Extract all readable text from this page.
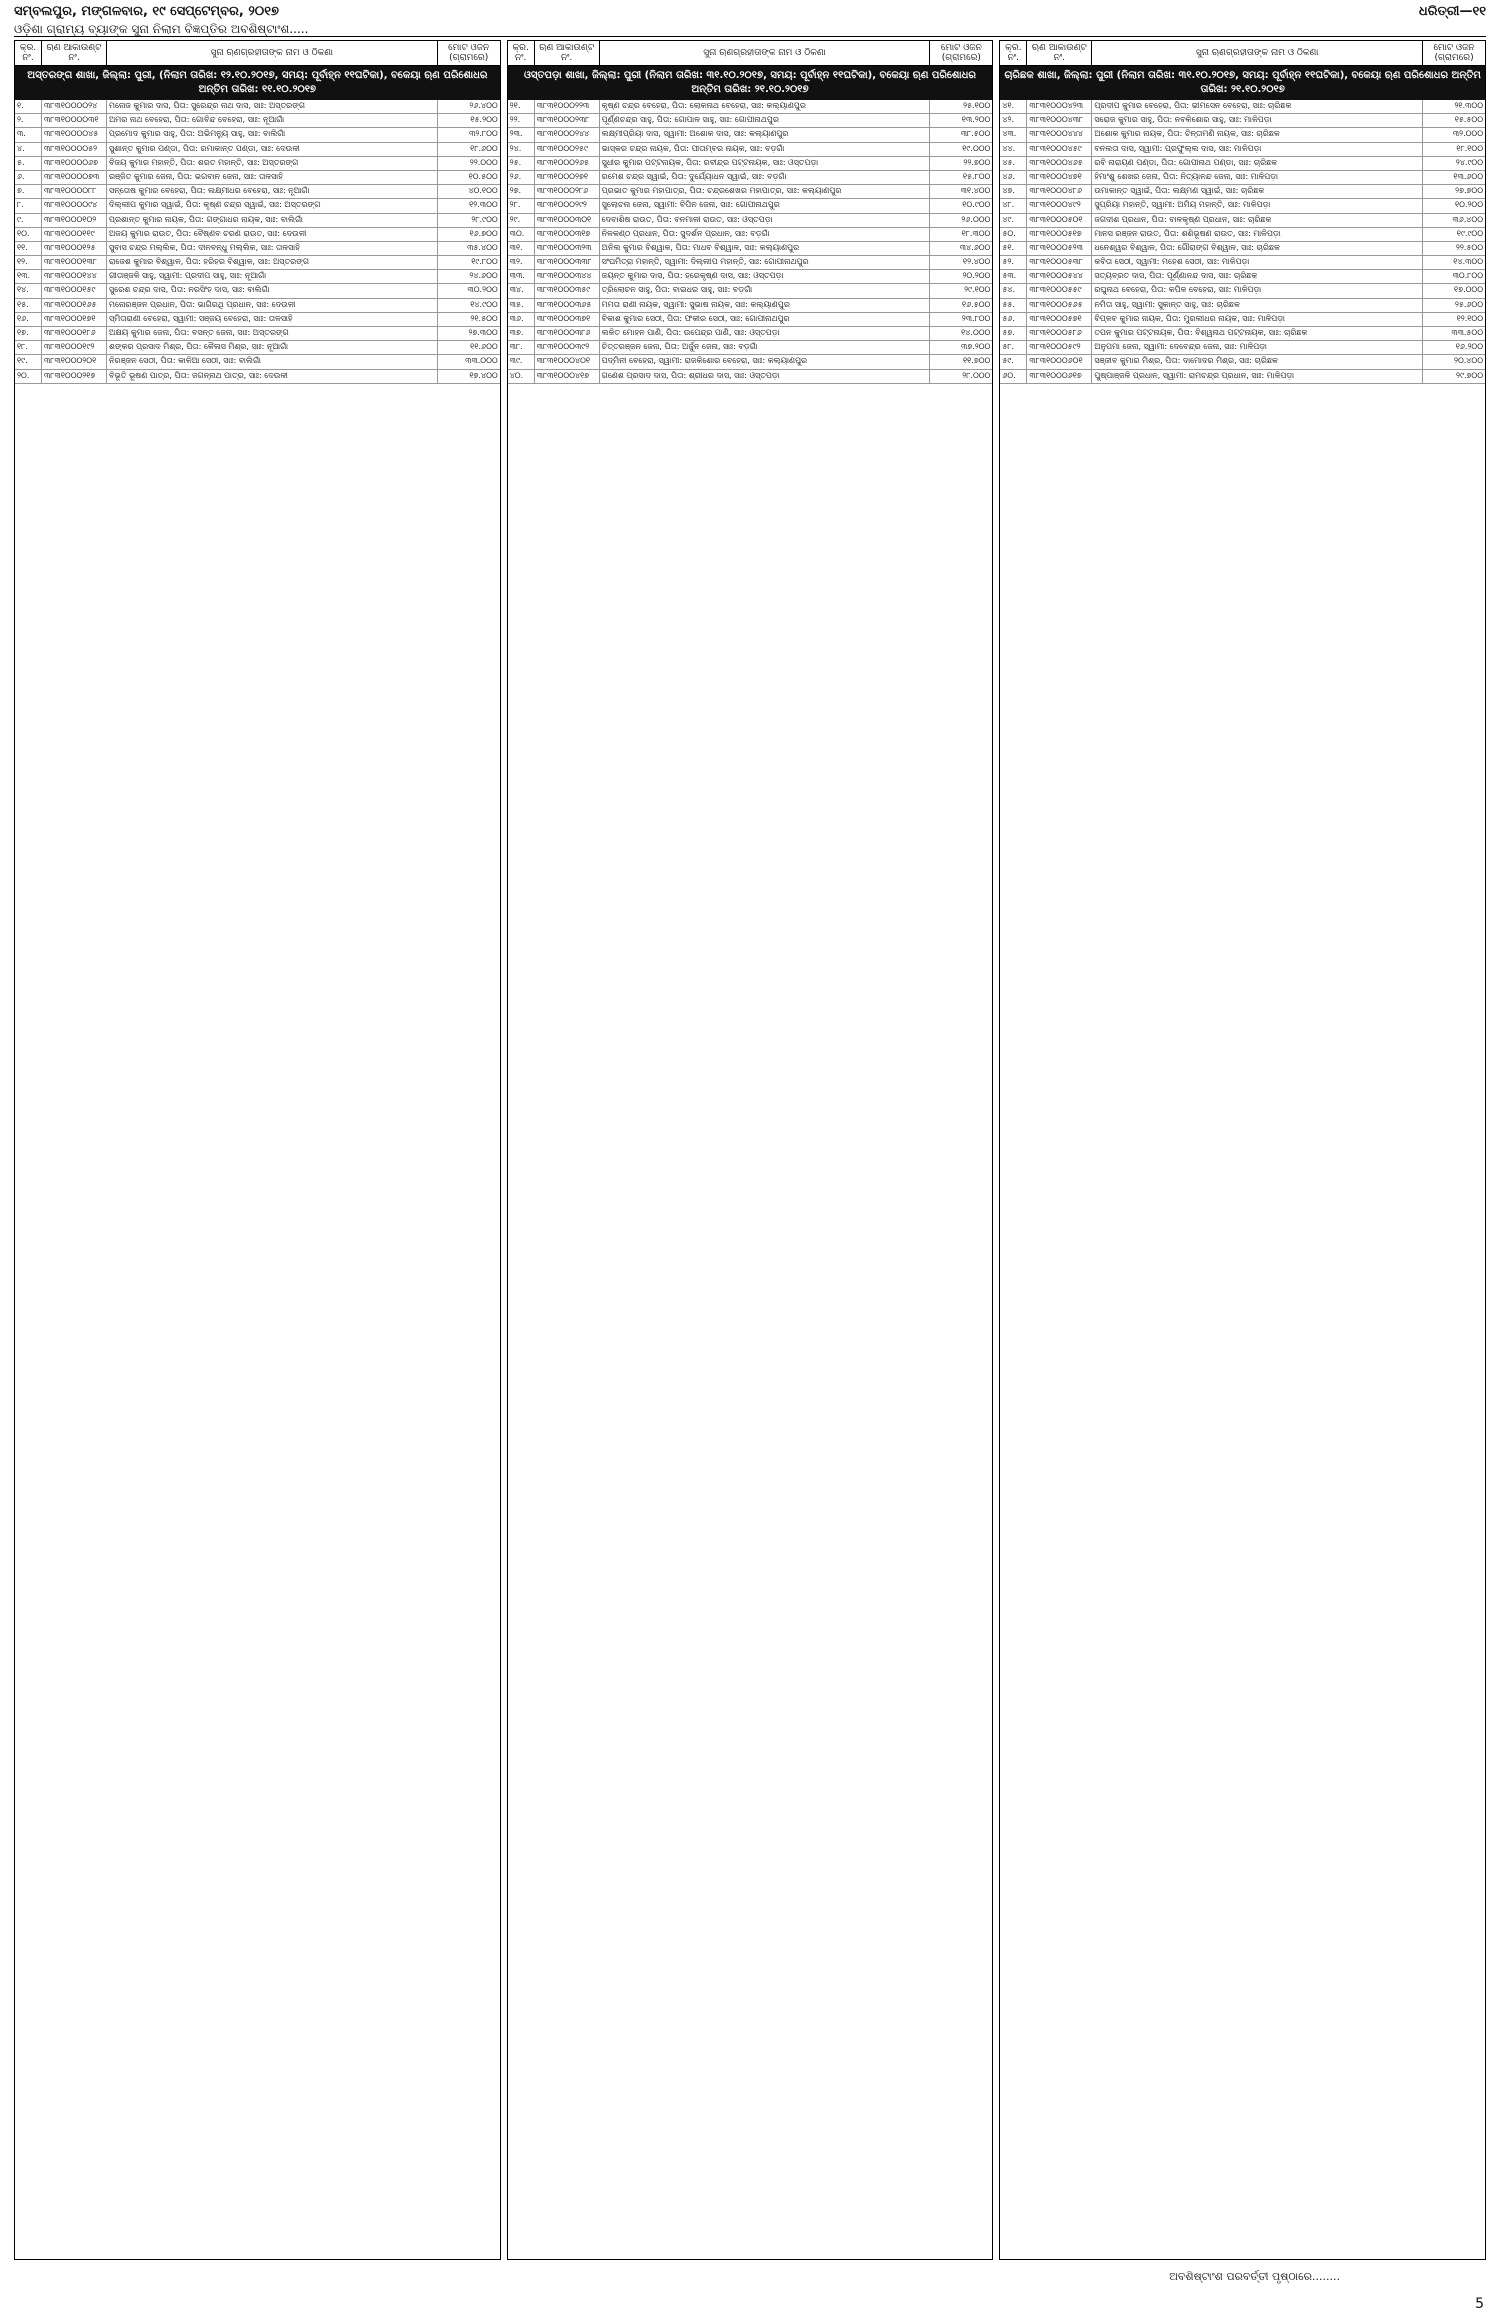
ସମ୍ବଲପୁର, ମଙ୍ଗଳବାର, ୧୯ ସେପ୍ଟେମ୍ବର, ୨୦୧୭	ଧରିତ୍ରୀ—୧୧
ଓଡ଼ିଶା ଗ୍ରାମ୍ୟ ବ୍ୟାଙ୍କ ସୁନା ନିଲାମ ବିଜ୍ଞପ୍ତିର ଅବଶିଷ୍ଟାଂଶ.....
କ୍ର. ନଂ.
ଋଣ ଆକାଉଣ୍ଟ ନଂ.	ସୁନା ଋଣଗ୍ରହୀତାଙ୍କ ନାମ ଓ ଠିକଣା	ମୋଟ ଓଜନ (ଗ୍ରାମରେ)
ଅସ୍ତରଙ୍ଗ ଶାଖା, ଜିଲ୍ଲା: ପୁରୀ, (ନିଲାମ ତାରିଖ: ୧୨.୧୦.୨୦୧୭, ସମୟ: ପୂର୍ବାହ୍ନ ୧୧ଘଟିକା), ବକେୟା ଋଣ ପରିଶୋଧର ଅନ୍ତିମ ତାରିଖ: ୧୧.୧୦.୨୦୧୭
୧.	୩୮୩୧୦୦୦୦୨୪	ମନୋଜ କୁମାର ଦାସ, ପିତା: ସୁରେନ୍ଦ୍ର ନାଥ ଦାସ, ସାଃ: ଅସ୍ତରଙ୍ଗ	୨୬.୪୦୦
୨.	୩୮୩୧୦୦୦୦୩୧	ଅମର ନାଥ ବେହେରା, ପିତା: ଗୋବିନ୍ଦ ବେହେରା, ସାଃ: ନୂଆଗାଁ	୧୫.୨୦୦
୩.	୩୮୩୧୦୦୦୦୪୫	ପ୍ରମୋଦ କୁମାର ସାହୁ, ପିତା: ଅଭିମନ୍ୟୁ ସାହୁ, ସାଃ: ବାଲିଗାଁ	୩୨.୮୦୦
୪.	୩୮୩୧୦୦୦୦୫୨	ସୁଶାନ୍ତ କୁମାର ପଣ୍ଡା, ପିତା: ରମାକାନ୍ତ ପଣ୍ଡା, ସାଃ: ଦେଉଳୀ	୧୮.୬୦୦
୫.	୩୮୩୧୦୦୦୦୬୭	ବିଜୟ କୁମାର ମହାନ୍ତି, ପିତା: ଶରତ ମହାନ୍ତି, ସାଃ: ଅସ୍ତରଙ୍ଗ	୨୨.୦୦୦
୬.	୩୮୩୧୦୦୦୦୭୩	ରଞ୍ଜିତ କୁମାର ଜେନା, ପିତା: ଭଗବାନ ଜେନା, ସାଃ: ତାଳସାହି	୧୦.୫୦୦
୭.	୩୮୩୧୦୦୦୦୮୮	ସନ୍ତୋଷ କୁମାର ବେହେରା, ପିତା: ଲକ୍ଷ୍ମୀଧର ବେହେରା, ସାଃ: ନୂଆଗାଁ	୪୦.୧୦୦
୮.	୩୮୩୧୦୦୦୦୯୪	ଦିଲ୍ଲୀପ କୁମାର ସ୍ୱାଇଁ, ପିତା: କୃଷ୍ଣ ଚନ୍ଦ୍ର ସ୍ୱାଇଁ, ସାଃ: ଅସ୍ତରଙ୍ଗ	୧୨.୩୦୦
୯.	୩୮୩୧୦୦୦୧୦୨	ପ୍ରଶାନ୍ତ କୁମାର ନାୟକ, ପିତା: ଗଙ୍ଗାଧର ନାୟକ, ସାଃ: ବାଲିଗାଁ	୨୮.୯୦୦
୧୦.	୩୮୩୧୦୦୦୧୧୯	ଅଜୟ କୁମାର ରାଉତ, ପିତା: ବୈଷ୍ଣବ ଚରଣ ରାଉତ, ସାଃ: ଦେଉଳୀ	୧୬.୭୦୦
୧୧.	୩୮୩୧୦୦୦୧୨୫	ସୁବାସ ଚନ୍ଦ୍ର ମଲ୍ଲିକ, ପିତା: ଦୀନବନ୍ଧୁ ମଲ୍ଲିକ, ସାଃ: ତାଳସାହି	୩୫.୪୦୦
୧୨.	୩୮୩୧୦୦୦୧୩୮	ରାଜେଶ କୁମାର ବିଶ୍ୱାଳ, ପିତା: ହରିହର ବିଶ୍ୱାଳ, ସାଃ: ଅସ୍ତରଙ୍ଗ	୧୯.୮୦୦
୧୩.	୩୮୩୧୦୦୦୧୪୪	ଗୀତାଞ୍ଜଳି ସାହୁ, ସ୍ୱାମୀ: ପ୍ରଦୀପ ସାହୁ, ସାଃ: ନୂଆଗାଁ	୨୪.୬୦୦
୧୪.	୩୮୩୧୦୦୦୧୫୯	ସୁରେଶ ଚନ୍ଦ୍ର ଦାସ, ପିତା: ନରସିଂହ ଦାସ, ସାଃ: ବାଲିଗାଁ	୩୦.୨୦୦
୧୫.	୩୮୩୧୦୦୦୧୬୫	ମନୋରଞ୍ଜନ ପ୍ରଧାନ, ପିତା: ଭାଗିରଥି ପ୍ରଧାନ, ସାଃ: ଦେଉଳୀ	୧୪.୯୦୦
୧୬.	୩୮୩୧୦୦୦୧୭୧	ସ୍ମିତାରାଣୀ ବେହେରା, ସ୍ୱାମୀ: ସଞ୍ଜୟ ବେହେରା, ସାଃ: ତାଳସାହି	୨୧.୫୦୦
୧୭.	୩୮୩୧୦୦୦୧୮୬	ଅକ୍ଷୟ କୁମାର ଜେନା, ପିତା: ବସନ୍ତ ଜେନା, ସାଃ: ଅସ୍ତରଙ୍ଗ	୨୭.୩୦୦
୧୮.	୩୮୩୧୦୦୦୧୯୨	ଶଙ୍କର ପ୍ରସାଦ ମିଶ୍ର, ପିତା: କୈଳାସ ମିଶ୍ର, ସାଃ: ନୂଆଗାଁ	୧୧.୬୦୦
୧୯.	୩୮୩୧୦୦୦୨୦୧	ନିରଞ୍ଜନ ସେଠୀ, ପିତା: କାଳିଆ ସେଠୀ, ସାଃ: ବାଲିଗାଁ	୩୩.୦୦୦
୨୦.	୩୮୩୧୦୦୦୨୧୭	ବିଭୂତି ଭୂଷଣ ପାତ୍ର, ପିତା: ଜଗନ୍ନାଥ ପାତ୍ର, ସାଃ: ଦେଉଳୀ	୧୭.୪୦୦
କ୍ର. ନଂ.
ଋଣ ଆକାଉଣ୍ଟ ନଂ.	ସୁନା ଋଣଗ୍ରହୀତାଙ୍କ ନାମ ଓ ଠିକଣା	ମୋଟ ଓଜନ (ଗ୍ରାମରେ)
ଓସ୍ତପଡ଼ା ଶାଖା, ଜିଲ୍ଲା: ପୁରୀ (ନିଲାମ ତାରିଖ: ୩୧.୧୦.୨୦୧୭, ସମୟ: ପୂର୍ବାହ୍ନ ୧୧ଘଟିକା), ବକେୟା ଋଣ ପରିଶୋଧର ଅନ୍ତିମ ତାରିଖ: ୨୧.୧୦.୨୦୧୭
୨୧.	୩୮୩୧୦୦୦୨୨୩	କୃଷ୍ଣ ଚନ୍ଦ୍ର ବେହେରା, ପିତା: ଲୋକନାଥ ବେହେରା, ସାଃ: କଲ୍ୟାଣପୁର	୨୫.୧୦୦
୨୨.	୩୮୩୧୦୦୦୨୩୮	ପୂର୍ଣ୍ଣଚନ୍ଦ୍ର ସାହୁ, ପିତା: ଗୋପାଳ ସାହୁ, ସାଃ: ଗୋପୀନାଥପୁର	୧୩.୨୦୦
୨୩.	୩୮୩୧୦୦୦୨୪୪	ଲକ୍ଷ୍ମୀପ୍ରିୟା ଦାସ, ସ୍ୱାମୀ: ଅଶୋକ ଦାସ, ସାଃ: କଲ୍ୟାଣପୁର	୩୮.୫୦୦
୨୪.	୩୮୩୧୦୦୦୨୫୯	ଭାସ୍କର ଚନ୍ଦ୍ର ନାୟକ, ପିତା: ପୀତାମ୍ବର ନାୟକ, ସାଃ: ବଡ଼ଗାଁ	୧୯.୦୦୦
୨୫.	୩୮୩୧୦୦୦୨୬୫	ସୁଧୀର କୁମାର ପଟ୍ଟନାୟକ, ପିତା: ରବୀନ୍ଦ୍ର ପଟ୍ଟନାୟକ, ସାଃ: ଓସ୍ତପଡ଼ା	୨୨.୭୦୦
୨୬.	୩୮୩୧୦୦୦୨୭୧	ରମେଶ ଚନ୍ଦ୍ର ସ୍ୱାଇଁ, ପିତା: ଦୁର୍ଯ୍ୟୋଧନ ସ୍ୱାଇଁ, ସାଃ: ବଡ଼ଗାଁ	୧୫.୮୦୦
୨୭.	୩୮୩୧୦୦୦୨୮୬	ପ୍ରଭାତ କୁମାର ମହାପାତ୍ର, ପିତା: ଚନ୍ଦ୍ରଶେଖର ମହାପାତ୍ର, ସାଃ: କଲ୍ୟାଣପୁର	୩୧.୪୦୦
୨୮.	୩୮୩୧୦୦୦୨୯୨	ସୁଲୋଚନା ଜେନା, ସ୍ୱାମୀ: ବିପିନ ଜେନା, ସାଃ: ଗୋପୀନାଥପୁର	୧୦.୯୦୦
୨୯.	୩୮୩୧୦୦୦୩୦୧	ଦେବାଶିଷ ରାଉତ, ପିତା: ବନମାଳୀ ରାଉତ, ସାଃ: ଓସ୍ତପଡ଼ା	୨୬.୦୦୦
୩୦.	୩୮୩୧୦୦୦୩୧୭	ନିଳକଣ୍ଠ ପ୍ରଧାନ, ପିତା: ସୁଦର୍ଶନ ପ୍ରଧାନ, ସାଃ: ବଡ଼ଗାଁ	୧୮.୩୦୦
୩୧.	୩୮୩୧୦୦୦୩୨୩	ଅନିଲ କୁମାର ବିଶ୍ୱାଳ, ପିତା: ମାଧବ ବିଶ୍ୱାଳ, ସାଃ: କଲ୍ୟାଣପୁର	୩୪.୬୦୦
୩୨.	୩୮୩୧୦୦୦୩୩୮	ସଂଘମିତ୍ରା ମହାନ୍ତି, ସ୍ୱାମୀ: ଦିଲ୍ଲୀପ ମହାନ୍ତି, ସାଃ: ଗୋପୀନାଥପୁର	୧୨.୪୦୦
୩୩.	୩୮୩୧୦୦୦୩୪୪	ଜୟନ୍ତ କୁମାର ଦାସ, ପିତା: ହରେକୃଷ୍ଣ ଦାସ, ସାଃ: ଓସ୍ତପଡ଼ା	୨୦.୨୦୦
୩୪.	୩୮୩୧୦୦୦୩୫୯	ତ୍ରିଲୋଚନ ସାହୁ, ପିତା: ବାଇଧର ସାହୁ, ସାଃ: ବଡ଼ଗାଁ	୨୯.୧୦୦
୩୫.	୩୮୩୧୦୦୦୩୬୫	ମମତା ରାଣୀ ନାୟକ, ସ୍ୱାମୀ: ସୁଭାଷ ନାୟକ, ସାଃ: କଲ୍ୟାଣପୁର	୧୬.୫୦୦
୩୬.	୩୮୩୧୦୦୦୩୭୧	ବିକାଶ କୁମାର ସେଠୀ, ପିତା: ଫକୀର ସେଠୀ, ସାଃ: ଗୋପୀନାଥପୁର	୨୩.୮୦୦
୩୭.	୩୮୩୧୦୦୦୩୮୬	ଲଳିତ ମୋହନ ପାଣି, ପିତା: ଉପେନ୍ଦ୍ର ପାଣି, ସାଃ: ଓସ୍ତପଡ଼ା	୧୪.୦୦୦
୩୮.	୩୮୩୧୦୦୦୩୯୨	ଚିତ୍ତରଞ୍ଜନ ଜେନା, ପିତା: ଅର୍ଜୁନ ଜେନା, ସାଃ: ବଡ଼ଗାଁ	୩୭.୨୦୦
୩୯.	୩୮୩୧୦୦୦୪୦୧	ପଦ୍ମିନୀ ବେହେରା, ସ୍ୱାମୀ: ରାଜକିଶୋର ବେହେରା, ସାଃ: କଲ୍ୟାଣପୁର	୧୧.୭୦୦
୪୦.	୩୮୩୧୦୦୦୪୧୭	ଗଣେଶ ପ୍ରସାଦ ଦାସ, ପିତା: ଶ୍ରୀଧର ଦାସ, ସାଃ: ଓସ୍ତପଡ଼ା	୨୮.୦୦୦
କ୍ର. ନଂ.
ଋଣ ଆକାଉଣ୍ଟ ନଂ.	ସୁନା ଋଣଗ୍ରହୀତାଙ୍କ ନାମ ଓ ଠିକଣା	ମୋଟ ଓଜନ (ଗ୍ରାମରେ)
ଚାରିଛକ ଶାଖା, ଜିଲ୍ଲା: ପୁରୀ (ନିଲାମ ତାରିଖ: ୩୧.୧୦.୨୦୧୭, ସମୟ: ପୂର୍ବାହ୍ନ ୧୧ଘଟିକା), ବକେୟା ଋଣ ପରିଶୋଧର ଅନ୍ତିମ ତାରିଖ: ୨୧.୧୦.୨୦୧୭
୪୧.	୩୮୩୧୦୦୦୪୨୩	ପ୍ରଦୀପ କୁମାର ବେହେରା, ପିତା: ଭୀମସେନ ବେହେରା, ସାଃ: ଚାରିଛକ	୨୧.୩୦୦
୪୨.	୩୮୩୧୦୦୦୪୩୮	ସରୋଜ କୁମାର ସାହୁ, ପିତା: ନବକିଶୋର ସାହୁ, ସାଃ: ମାଳିପଡ଼ା	୧୫.୫୦୦
୪୩.	୩୮୩୧୦୦୦୪୪୪	ଅଶୋକ କୁମାର ନାୟକ, ପିତା: ଚିନ୍ତାମଣି ନାୟକ, ସାଃ: ଚାରିଛକ	୩୨.୦୦୦
୪୪.	୩୮୩୧୦୦୦୪୫୯	ବନଲତା ଦାସ, ସ୍ୱାମୀ: ପ୍ରଫୁଲ୍ଲ ଦାସ, ସାଃ: ମାଳିପଡ଼ା	୧୮.୧୦୦
୪୫.	୩୮୩୧୦୦୦୪୬୫	ରବି ନାରାୟଣ ପଣ୍ଡା, ପିତା: ଗୋପୀନାଥ ପଣ୍ଡା, ସାଃ: ଚାରିଛକ	୨୪.୯୦୦
୪୬.	୩୮୩୧୦୦୦୪୭୧	ହିମାଂଶୁ ଶେଖର ଜେନା, ପିତା: ନିତ୍ୟାନନ୍ଦ ଜେନା, ସାଃ: ମାଳିପଡ଼ା	୧୩.୬୦୦
୪୭.	୩୮୩୧୦୦୦୪୮୬	ଉମାକାନ୍ତ ସ୍ୱାଇଁ, ପିତା: ଲକ୍ଷ୍ମଣ ସ୍ୱାଇଁ, ସାଃ: ଚାରିଛକ	୨୭.୭୦୦
୪୮.	୩୮୩୧୦୦୦୪୯୨	ସୁପ୍ରିୟା ମହାନ୍ତି, ସ୍ୱାମୀ: ଅମିୟ ମହାନ୍ତି, ସାଃ: ମାଳିପଡ଼ା	୧୦.୨୦୦
୪୯.	୩୮୩୧୦୦୦୫୦୧	ଜଗଦୀଶ ପ୍ରଧାନ, ପିତା: ବାଳକୃଷ୍ଣ ପ୍ରଧାନ, ସାଃ: ଚାରିଛକ	୩୬.୪୦୦
୫୦.	୩୮୩୧୦୦୦୫୧୭	ମାନସ ରଞ୍ଜନ ରାଉତ, ପିତା: ଶଶିଭୂଷଣ ରାଉତ, ସାଃ: ମାଳିପଡ଼ା	୧୯.୯୦୦
୫୧.	୩୮୩୧୦୦୦୫୨୩	ଧନେଶ୍ୱର ବିଶ୍ୱାଳ, ପିତା: ଗୌରାଙ୍ଗ ବିଶ୍ୱାଳ, ସାଃ: ଚାରିଛକ	୨୨.୫୦୦
୫୨.	୩୮୩୧୦୦୦୫୩୮	କବିତା ସେଠୀ, ସ୍ୱାମୀ: ମହେଶ ସେଠୀ, ସାଃ: ମାଳିପଡ଼ା	୧୪.୩୦୦
୫୩.	୩୮୩୧୦୦୦୫୪୪	ସତ୍ୟବ୍ରତ ଦାସ, ପିତା: ପୂର୍ଣ୍ଣାନନ୍ଦ ଦାସ, ସାଃ: ଚାରିଛକ	୩୦.୮୦୦
୫୪.	୩୮୩୧୦୦୦୫୫୯	ରଘୁନାଥ ବେହେରା, ପିତା: କପିଳ ବେହେରା, ସାଃ: ମାଳିପଡ଼ା	୧୭.୦୦୦
୫୫.	୩୮୩୧୦୦୦୫୬୫	ନମିତା ସାହୁ, ସ୍ୱାମୀ: ସୁକାନ୍ତ ସାହୁ, ସାଃ: ଚାରିଛକ	୨୫.୬୦୦
୫୬.	୩୮୩୧୦୦୦୫୭୧	ବିପ୍ଳବ କୁମାର ନାୟକ, ପିତା: ମୁରଲୀଧର ନାୟକ, ସାଃ: ମାଳିପଡ଼ା	୧୨.୧୦୦
୫୭.	୩୮୩୧୦୦୦୫୮୬	ତପନ କୁମାର ପଟ୍ଟନାୟକ, ପିତା: ବିଶ୍ୱନାଥ ପଟ୍ଟନାୟକ, ସାଃ: ଚାରିଛକ	୩୩.୫୦୦
୫୮.	୩୮୩୧୦୦୦୫୯୨	ଅନୁପମା ଜେନା, ସ୍ୱାମୀ: ଦେବେନ୍ଦ୍ର ଜେନା, ସାଃ: ମାଳିପଡ଼ା	୧୬.୨୦୦
୫୯.	୩୮୩୧୦୦୦୬୦୧	ସଞ୍ଜୀବ କୁମାର ମିଶ୍ର, ପିତା: ଦାମୋଦର ମିଶ୍ର, ସାଃ: ଚାରିଛକ	୨୦.୪୦୦
୬୦.	୩୮୩୧୦୦୦୬୧୭	ପୁଷ୍ପାଞ୍ଜଳି ପ୍ରଧାନ, ସ୍ୱାମୀ: ରାମଚନ୍ଦ୍ର ପ୍ରଧାନ, ସାଃ: ମାଳିପଡ଼ା	୨୯.୭୦୦
ଅବଶିଷ୍ଟାଂଶ ପରବର୍ତ୍ତୀ ପୃଷ୍ଠାରେ........
5
